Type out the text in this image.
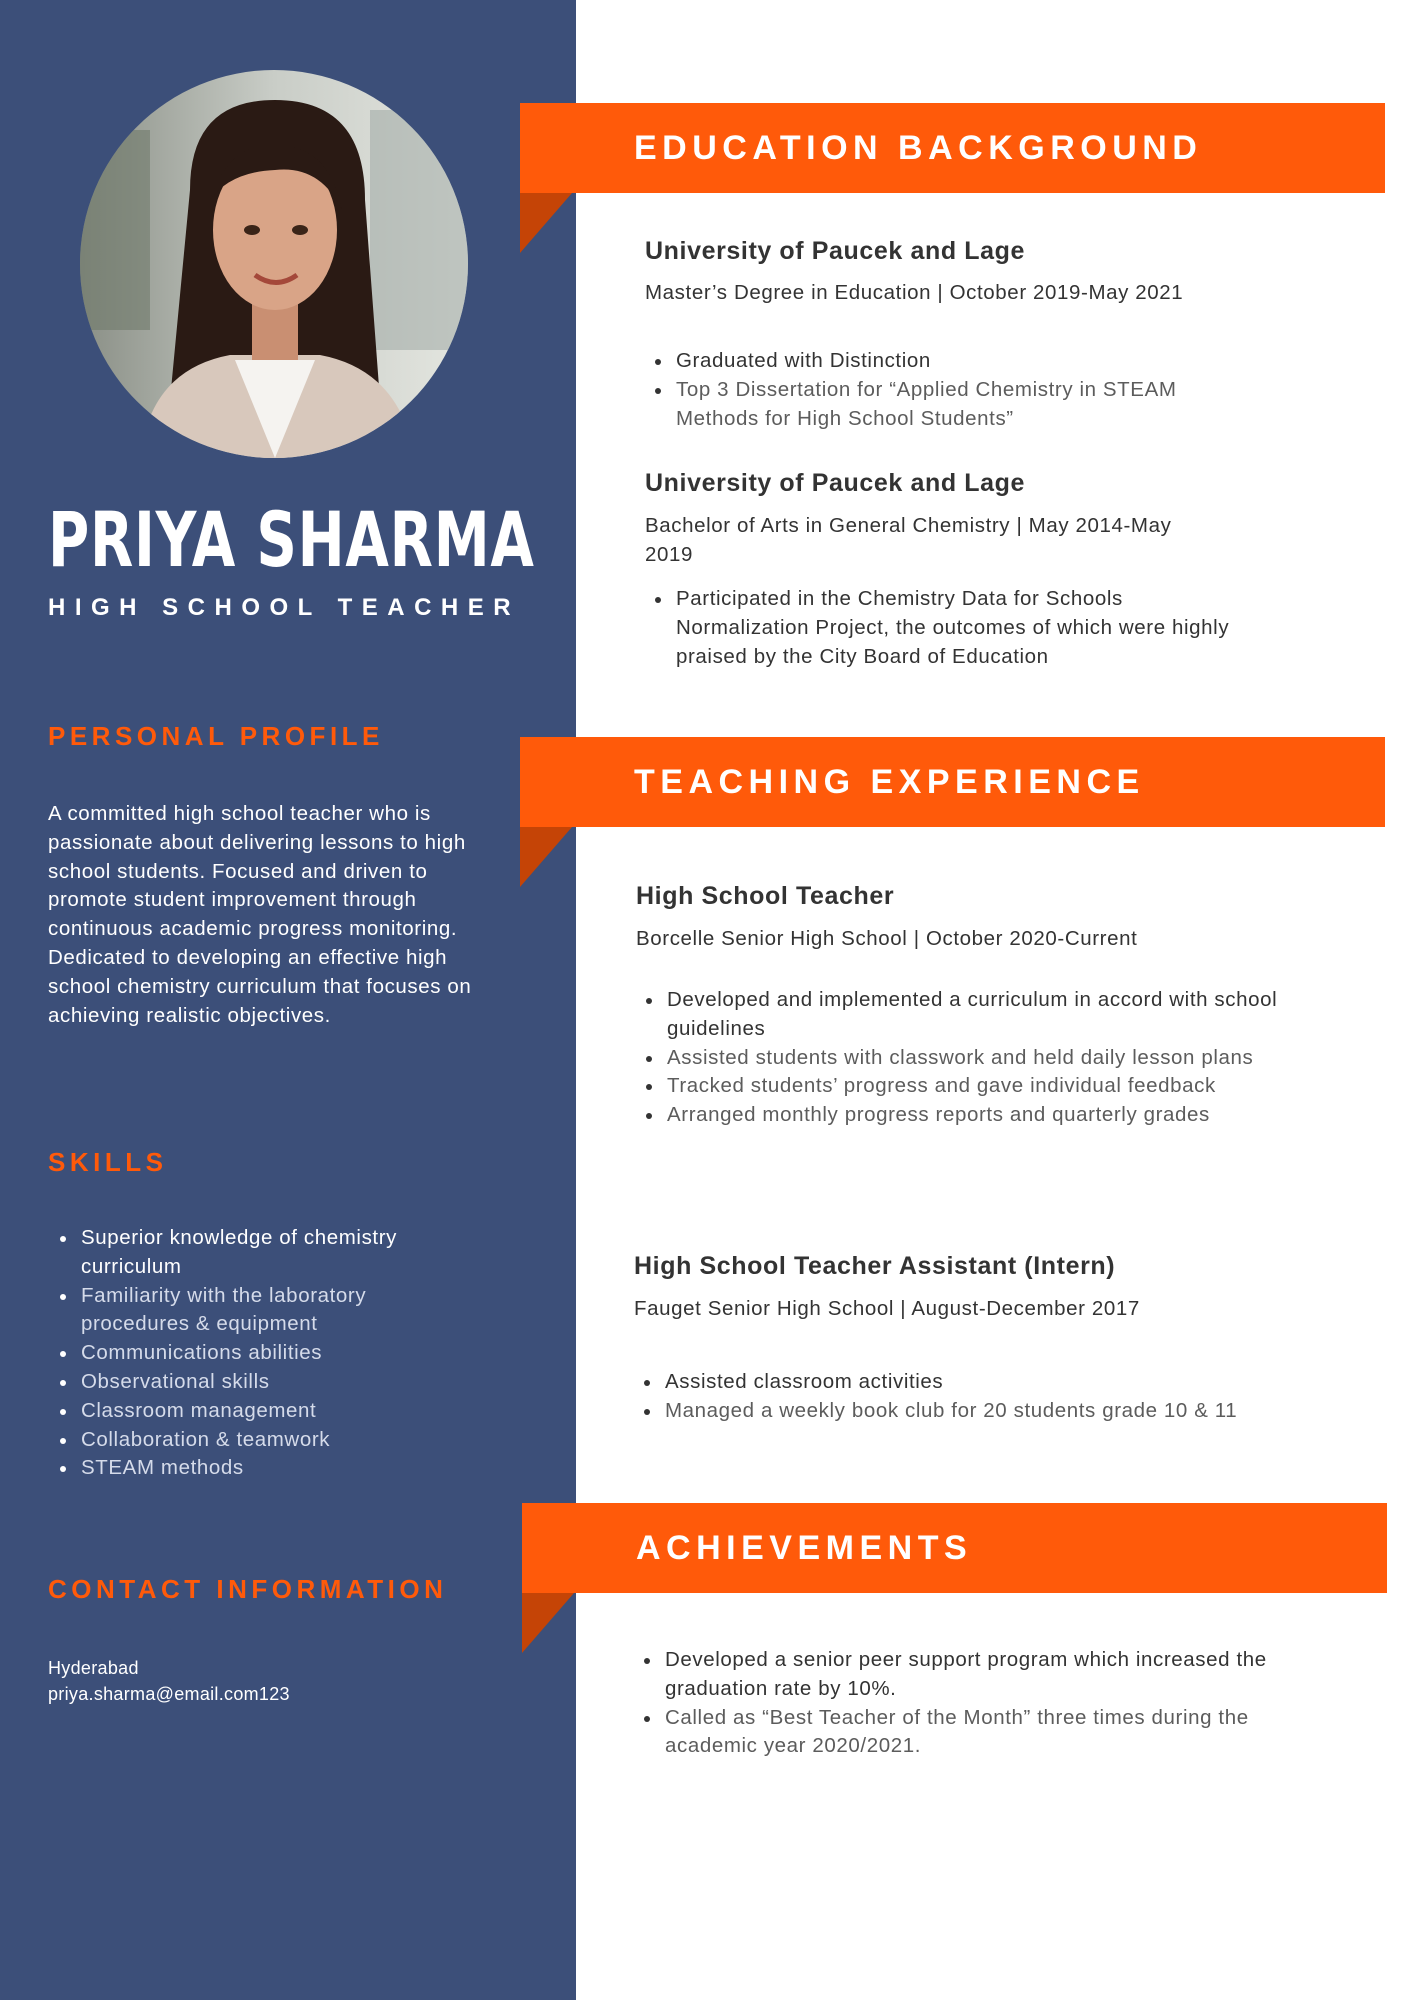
PRIYA SHARMA
HIGH SCHOOL TEACHER
PERSONAL PROFILE
A committed high school teacher who is passionate about delivering lessons to high school students. Focused and driven to promote student improvement through continuous academic progress monitoring. Dedicated to developing an effective high school chemistry curriculum that focuses on achieving realistic objectives.
SKILLS
Superior knowledge of chemistry curriculum
Familiarity with the laboratory procedures & equipment
Communications abilities
Observational skills
Classroom management
Collaboration & teamwork
STEAM methods
CONTACT INFORMATION
Hyderabad
priya.sharma@email.com123
EDUCATION BACKGROUND
University of Paucek and Lage
Master’s Degree in Education | October 2019-May 2021
Graduated with Distinction
Top 3 Dissertation for “Applied Chemistry in STEAM Methods for High School Students”
University of Paucek and Lage
Bachelor of Arts in General Chemistry | May 2014-May 2019
Participated in the Chemistry Data for Schools Normalization Project, the outcomes of which were highly praised by the City Board of Education
TEACHING EXPERIENCE
High School Teacher
Borcelle Senior High School | October 2020-Current
Developed and implemented a curriculum in accord with school guidelines
Assisted students with classwork and held daily lesson plans
Tracked students’ progress and gave individual feedback
Arranged monthly progress reports and quarterly grades
High School Teacher Assistant (Intern)
Fauget Senior High School | August-December 2017
Assisted classroom activities
Managed a weekly book club for 20 students grade 10 & 11
ACHIEVEMENTS
Developed a senior peer support program which increased the graduation rate by 10%.
Called as “Best Teacher of the Month” three times during the academic year 2020/2021.
